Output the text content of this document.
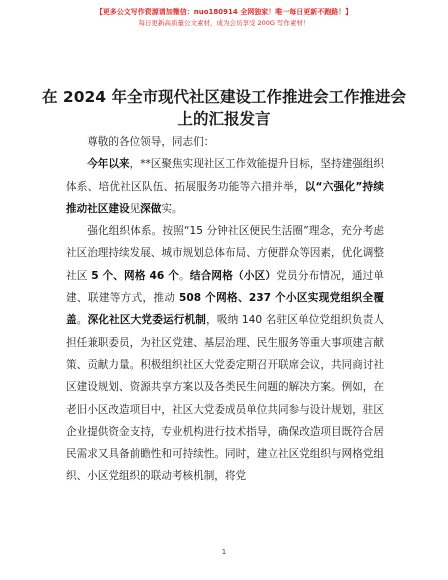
【更多公文写作资源请加微信：nuo180914 全网独家！唯一每日更新不跑路！】
每日更新高质量公文素材，成为会员享受 200G 写作素材！
在 2024 年全市现代社区建设工作推进会工作推进会上的汇报发言

尊敬的各位领导，同志们：

今年以来，**区聚焦实现社区工作效能提升目标，坚持建强组织体系、培优社区队伍、拓展服务功能等六措并举，以“六强化”持续推动社区建设见深做实。

强化组织体系。按照“15 分钟社区便民生活圈”理念，充分考虑社区治理持续发展、城市规划总体布局、方便群众等因素，优化调整社区 5 个、网格 46 个。结合网格（小区）党员分布情况，通过单建、联建等方式，推动 508 个网格、237 个小区实现党组织全覆盖。深化社区大党委运行机制，吸纳 140 名驻区单位党组织负责人担任兼职委员，为社区党建、基层治理、民生服务等重大事项建言献策、贡献力量。积极组织社区大党委定期召开联席会议，共同商讨社区建设规划、资源共享方案以及各类民生问题的解决方案。例如，在老旧小区改造项目中，社区大党委成员单位共同参与设计规划，驻区企业提供资金支持，专业机构进行技术指导，确保改造项目既符合居民需求又具备前瞻性和可持续性。同时，建立社区党组织与网格党组织、小区党组织的联动考核机制，将党

1
